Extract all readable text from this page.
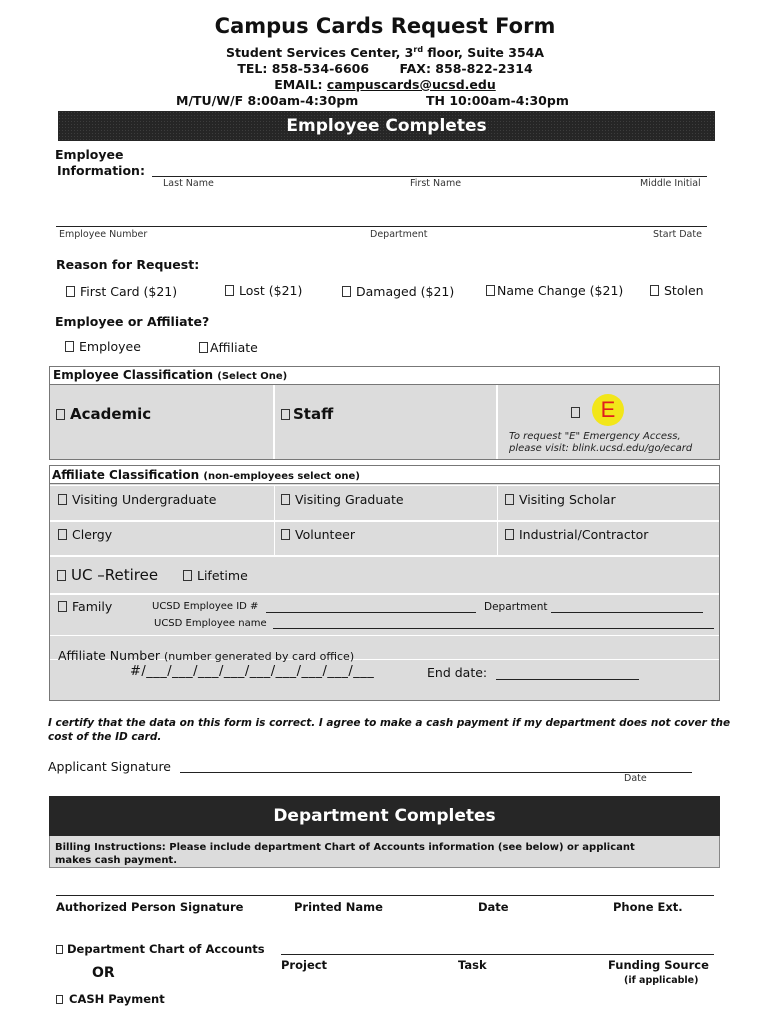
Campus Cards Request Form
Student Services Center, 3rd floor, Suite 354A
TEL: 858-534-6606 FAX: 858-822-2314
EMAIL: campuscards@ucsd.edu
M/TU/W/F 8:00am-4:30pm	TH 10:00am-4:30pm
Employee Completes
Employee
Information:
Last Name	First Name	Middle Initial
Employee Number	Department	Start Date
Reason for Request:
First Card ($21)	Lost ($21)	Damaged ($21)	Name Change ($21)	Stolen
Employee or Affiliate?
Employee	Affiliate
Employee Classification (Select One)
Academic	Staff	E
To request "E" Emergency Access,
please visit: blink.ucsd.edu/go/ecard
Affiliate Classification (non-employees select one)
Visiting Undergraduate	Visiting Graduate	Visiting Scholar
Clergy	Volunteer	Industrial/Contractor
UC –Retiree	Lifetime
Family	UCSD Employee ID #	Department
UCSD Employee name
Affiliate Number (number generated by card office)
#/___/___/___/___/___/___/___/___/___	End date:
I certify that the data on this form is correct. I agree to make a cash payment if my department does not cover the
cost of the ID card.
Applicant Signature
Date
Department Completes
Billing Instructions: Please include department Chart of Accounts information (see below) or applicant
makes cash payment.
Authorized Person Signature	Printed Name	Date	Phone Ext.
Department Chart of Accounts
OR	Project	Task	Funding Source
(if applicable)
CASH Payment
